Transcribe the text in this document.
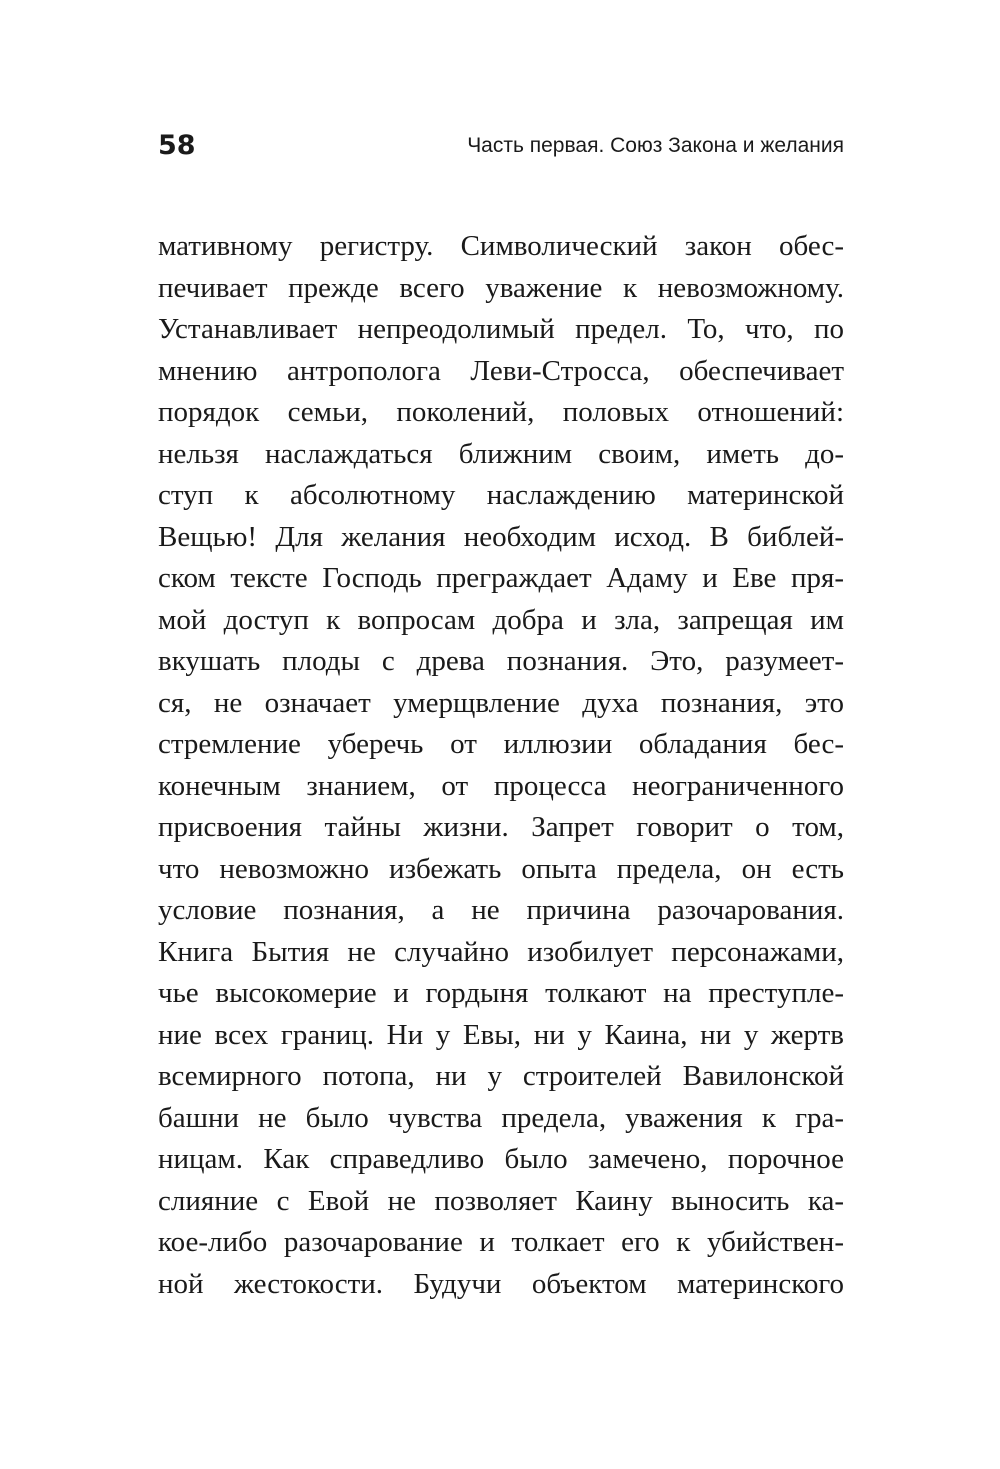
58	Часть первая. Союз Закона и желания
мативному регистру. Символический закон обес-
печивает прежде всего уважение к невозможному.
Устанавливает непреодолимый предел. То, что, по
мнению антрополога Леви-Стросса, обеспечивает
порядок семьи, поколений, половых отношений:
нельзя наслаждаться ближним своим, иметь до-
ступ к абсолютному наслаждению материнской
Вещью! Для желания необходим исход. В библей-
ском тексте Господь преграждает Адаму и Еве пря-
мой доступ к вопросам добра и зла, запрещая им
вкушать плоды с древа познания. Это, разумеет-
ся, не означает умерщвление духа познания, это
стремление уберечь от иллюзии обладания бес-
конечным знанием, от процесса неограниченного
присвоения тайны жизни. Запрет говорит о том,
что невозможно избежать опыта предела, он есть
условие познания, а не причина разочарования.
Книга Бытия не случайно изобилует персонажами,
чье высокомерие и гордыня толкают на преступле-
ние всех границ. Ни у Евы, ни у Каина, ни у жертв
всемирного потопа, ни у строителей Вавилонской
башни не было чувства предела, уважения к гра-
ницам. Как справедливо было замечено, порочное
слияние с Евой не позволяет Каину выносить ка-
кое-либо разочарование и толкает его к убийствен-
ной жестокости. Будучи объектом материнского
